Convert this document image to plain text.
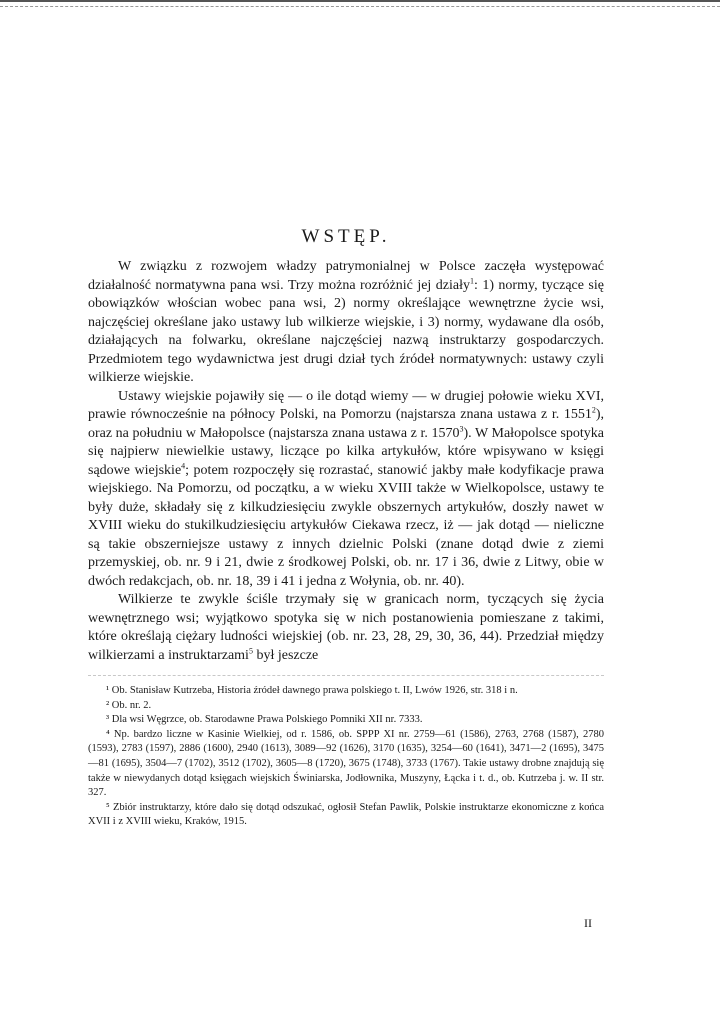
WSTĘP.

W związku z rozwojem władzy patrymonialnej w Polsce zaczęła występować działalność normatywna pana wsi. Trzy można rozróżnić jej działy$^1$: 1) normy, tyczące się obowiązków włościan wobec pana wsi, 2) normy określające wewnętrzne życie wsi, najczęściej określane jako ustawy lub wilkierze wiejskie, i 3) normy, wydawane dla osób, działających na folwarku, określane najczęściej nazwą instruktarzy gospodarczych. Przedmiotem tego wydawnictwa jest drugi dział tych źródeł normatywnych: ustawy czyli wilkierze wiejskie.

Ustawy wiejskie pojawiły się — o ile dotąd wiemy — w drugiej połowie wieku XVI, prawie równocześnie na północy Polski, na Pomorzu (najstarsza znana ustawa z r. 1551$^2$), oraz na południu w Małopolsce (najstarsza znana ustawa z r. 1570$^3$). W Małopolsce spotyka się najpierw niewielkie ustawy, liczące po kilka artykułów, które wpisywano w księgi sądowe wiejskie$^4$; potem rozpoczęły się rozrastać, stanowić jakby małe kodyfikacje prawa wiejskiego. Na Pomorzu, od początku, a w wieku XVIII także w Wielkopolsce, ustawy te były duże, składały się z kilkudziesięciu zwykle obszernych artykułów, doszły nawet w XVIII wieku do stukilkudziesięciu artykułów Ciekawa rzecz, iż — jak dotąd — nieliczne są takie obszerniejsze ustawy z innych dzielnic Polski (znane dotąd dwie z ziemi przemyskiej, ob. nr. 9 i 21, dwie z środkowej Polski, ob. nr. 17 i 36, dwie z Litwy, obie w dwóch redakcjach, ob. nr. 18, 39 i 41 i jedna z Wołynia, ob. nr. 40).

Wilkierze te zwykle ściśle trzymały się w granicach norm, tyczących się życia wewnętrznego wsi; wyjątkowo spotyka się w nich postanowienia pomieszane z takimi, które określają ciężary ludności wiejskiej (ob. nr. 23, 28, 29, 30, 36, 44). Przedział między wilkierzami a instruktarzami$^5$ był jeszcze

¹ Ob. Stanisław Kutrzeba, Historia źródeł dawnego prawa polskiego t. II, Lwów 1926, str. 318 i n.

² Ob. nr. 2.

³ Dla wsi Węgrzce, ob. Starodawne Prawa Polskiego Pomniki XII nr. 7333.

⁴ Np. bardzo liczne w Kasinie Wielkiej, od r. 1586, ob. SPPP XI nr. 2759—61 (1586), 2763, 2768 (1587), 2780 (1593), 2783 (1597), 2886 (1600), 2940 (1613), 3089—92 (1626), 3170 (1635), 3254—60 (1641), 3471—2 (1695), 3475—81 (1695), 3504—7 (1702), 3512 (1702), 3605—8 (1720), 3675 (1748), 3733 (1767). Takie ustawy drobne znajdują się także w niewydanych dotąd księgach wiejskich Świniarska, Jodłownika, Muszyny, Łącka i t. d., ob. Kutrzeba j. w. II str. 327.

⁵ Zbiór instruktarzy, które dało się dotąd odszukać, ogłosił Stefan Pawlik, Polskie instruktarze ekonomiczne z końca XVII i z XVIII wieku, Kraków, 1915.

II
